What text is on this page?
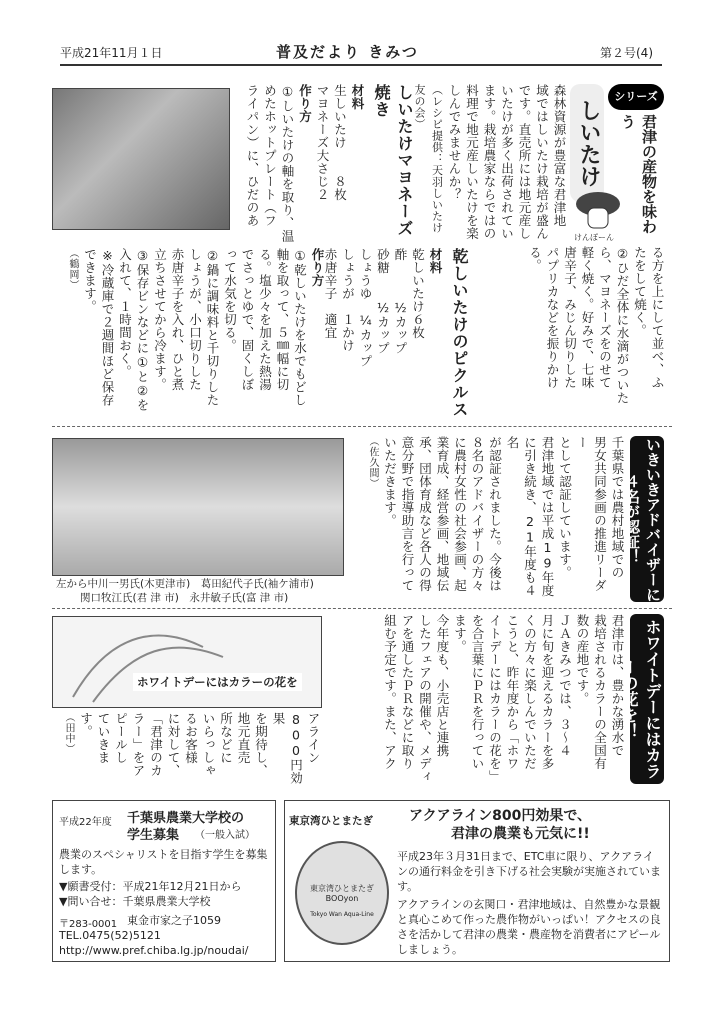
平成21年11月１日	普及だより きみつ	第２号(4)
シリーズ
君津の産物を味わう
しいたけ
けんぽーん
森林資源が豊富な君津地
域ではしいたけ栽培が盛ん
です。直売所には地元産し
いたけが多く出荷されてい
ます。栽培農家ならではの
料理で地元産しいたけを楽
しんでみませんか？
（レシピ提供：天羽しいたけ友の会）
しいたけマヨネーズ焼き
材料
生しいたけ　　８枚
マヨネーズ大さじ２
作り方
①しいたけの軸を取り、温
めたホットプレート（フ
ライパン）に、ひだのあ
る方を上にして並べ、ふ
たをして焼く。
②ひだ全体に水滴がついた
ら、マヨネーズをのせて
軽く焼く。好みで、七味
唐辛子、みじん切りした
パプリカなどを振りかけ
る。
乾しいたけのピクルス
材料
乾しいたけ６枚
酢　　　½カップ
砂糖　　½カップ
しょうゆ　¼カップ
しょうが　１かけ
赤唐辛子　適宜
作り方
①乾しいたけを水でもどし
軸を取って、５㎜幅に切
る。塩少々を加えた熱湯
でさっとゆで、固くしぼ
って水気を切る。
②鍋に調味料と千切りした
しょうが、小口切りした
赤唐辛子を入れ、ひと煮
立ちさせてから冷ます。
③保存ビンなどに①と②を
入れて、１時間おく。
※冷蔵庫で２週間ほど保存
できます。
（鶴岡）
左から中川一男氏(木更津市)　葛田紀代子氏(袖ケ浦市)
関口牧江氏(君 津 市)　永井敏子氏(富 津 市)	いきいきアドバイザーに４名が認証！
千葉県では農村地域での
男女共同参画の推進リーダー
として認証しています。
君津地域では平成19年度
に引き続き、21年度も４名
が認証されました。今後は
８名のアドバイザーの方々
に農村女性の社会参画、起
業育成、経営参画、地域伝
承、団体育成など各人の得
意分野で指導助言を行って
いただきます。
（佐久間）
ホワイトデーにはカラーの花を	ホワイトデーにはカラーの花を！
君津市は、豊かな湧水で
栽培されるカラーの全国有
数の産地です。
ＪＡきみつでは、３〜４
月に旬を迎えるカラーを多
くの方々に楽しんでいただ
こうと、昨年度から「ホワ
イトデーにはカラーの花を」
を合言葉にＰＲを行ってい
ます。
今年度も、小売店と連携
したフェアの開催や、メディ
アを通したＰＲなどに取り
組む予定です。また、アク
アライン800円効果
を期待し、
地元直売
所などに
いらっしゃ
るお客様
に対して、
「君津のカ
ラー」をア
ピールし
ていきます。
（田中）
平成22年度 千葉県農業大学校の
学生募集 （一般入試）
農業のスペシャリストを目指す学生を募集します。
▼願書受付：平成21年12月21日から
▼問い合せ：千葉県農業大学校
〒283-0001 東金市家之子1059
TEL.0475(52)5121
http://www.pref.chiba.lg.jp/noudai/
東京湾ひとまたぎ	アクアライン800円効果で、
君津の農業も元気に!!
東京湾ひとまたぎ BOOyon
Tokyo Wan Aqua-Line
平成23年３月31日まで、ETC車に限り、アクアラインの通行料金を引き下げる社会実験が実施されています。
アクアラインの玄関口・君津地域は、自然豊かな景観と真心こめて作った農作物がいっぱい！アクセスの良さを活かして君津の農業・農産物を消費者にアピールしましょう。
